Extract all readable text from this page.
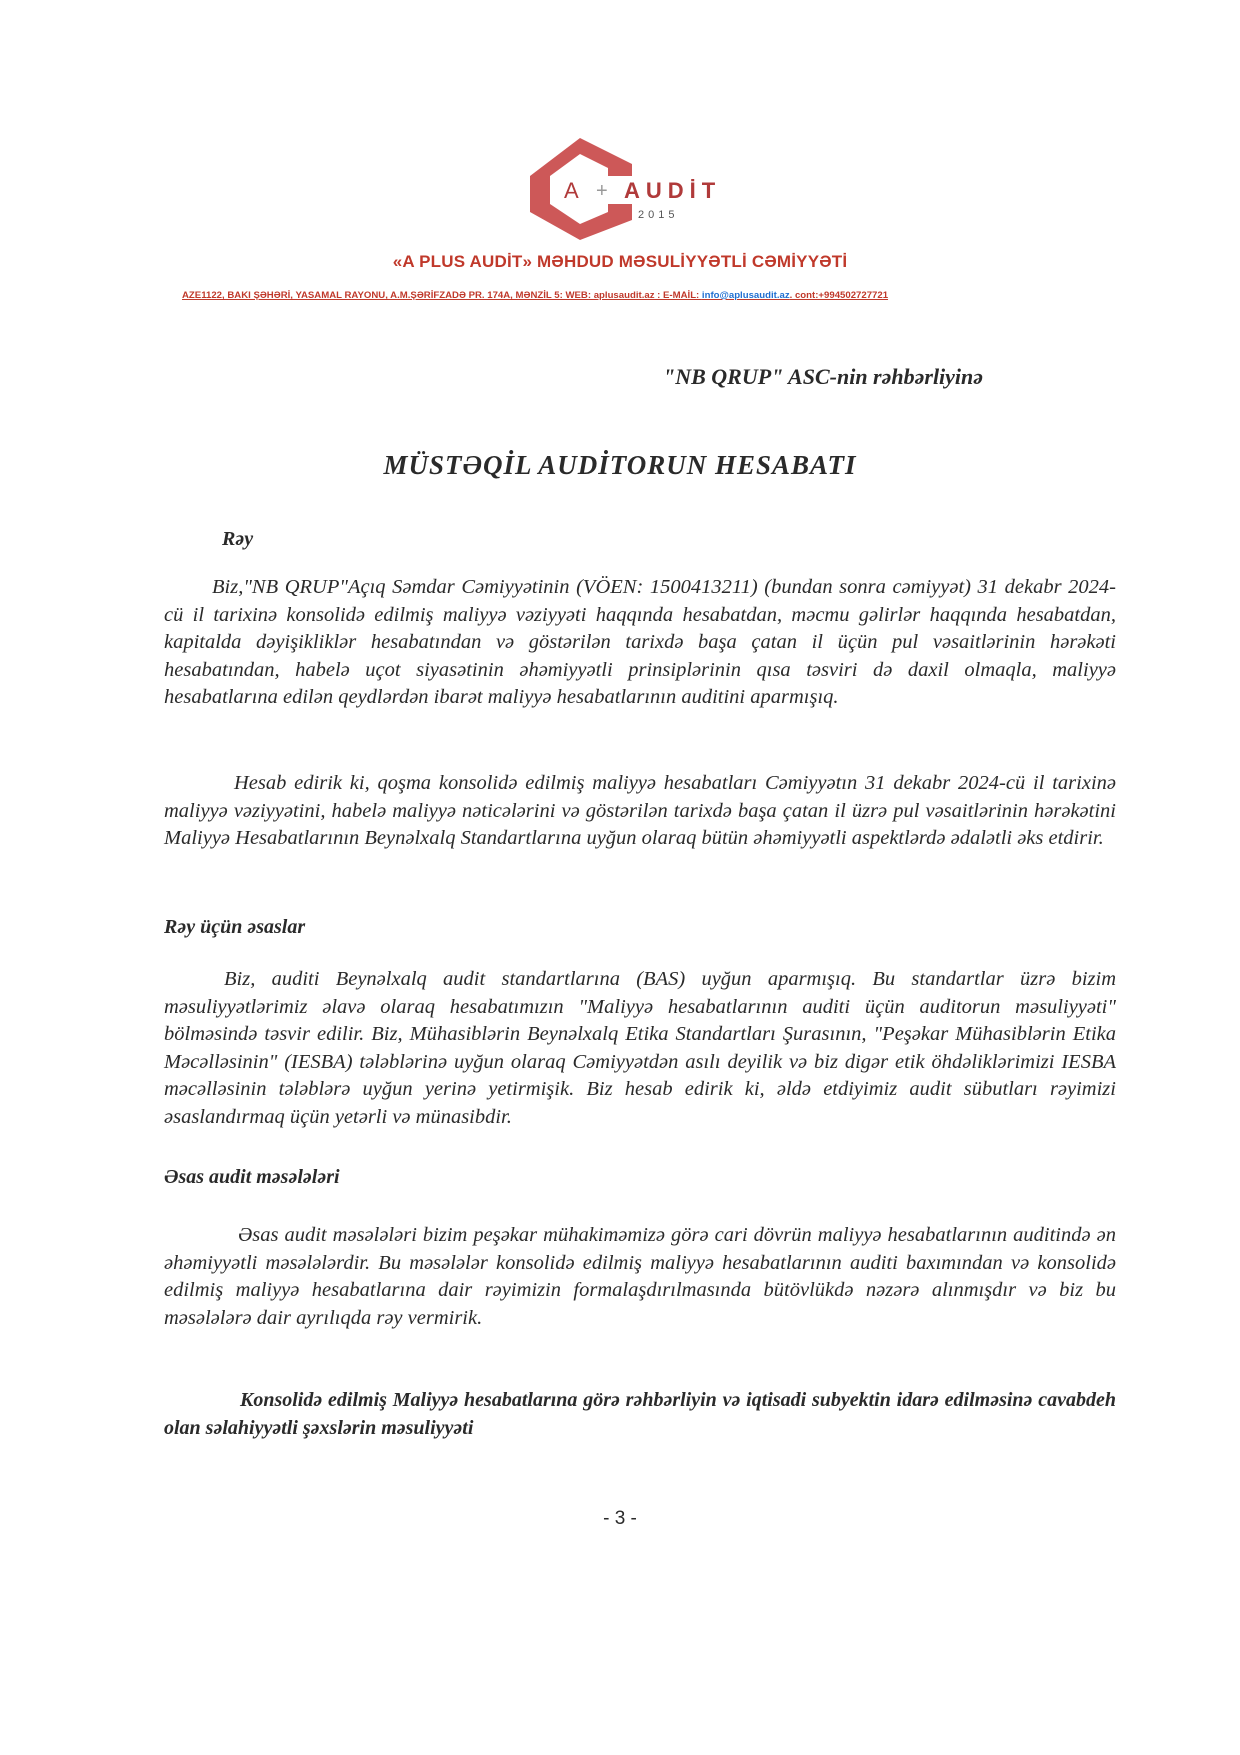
A + AUDİT
2015
«A PLUS AUDİT» MƏHDUD MƏSULİYYƏTLİ CƏMİYYƏTİ
AZE1122, BAKI ŞƏHƏRİ, YASAMAL RAYONU, A.M.ŞƏRİFZADƏ PR. 174A, MƏNZİL 5: WEB: aplusaudit.az : E-MAİL: info@aplusaudit.az. cont:+994502727721
"NB QRUP" ASC-nin rəhbərliyinə
MÜSTƏQİL AUDİTORUN HESABATI
Rəy
Biz,"NB QRUP"Açıq Səmdar Cəmiyyətinin (VÖEN: 1500413211) (bundan sonra cəmiyyət) 31 dekabr 2024-cü il tarixinə konsolidə edilmiş maliyyə vəziyyəti haqqında hesabatdan, məcmu gəlirlər haqqında hesabatdan, kapitalda dəyişikliklər hesabatından və göstərilən tarixdə başa çatan il üçün pul vəsaitlərinin hərəkəti hesabatından, habelə uçot siyasətinin əhəmiyyətli prinsiplərinin qısa təsviri də daxil olmaqla, maliyyə hesabatlarına edilən qeydlərdən ibarət maliyyə hesabatlarının auditini aparmışıq.
Hesab edirik ki, qoşma konsolidə edilmiş maliyyə hesabatları Cəmiyyətın 31 dekabr 2024-cü il tarixinə maliyyə vəziyyətini, habelə maliyyə nəticələrini və göstərilən tarixdə başa çatan il üzrə pul vəsaitlərinin hərəkətini Maliyyə Hesabatlarının Beynəlxalq Standartlarına uyğun olaraq bütün əhəmiyyətli aspektlərdə ədalətli əks etdirir.
Rəy üçün əsaslar
Biz, auditi Beynəlxalq audit standartlarına (BAS) uyğun aparmışıq. Bu standartlar üzrə bizim məsuliyyətlərimiz əlavə olaraq hesabatımızın "Maliyyə hesabatlarının auditi üçün auditorun məsuliyyəti" bölməsində təsvir edilir. Biz, Mühasiblərin Beynəlxalq Etika Standartları Şurasının, "Peşəkar Mühasiblərin Etika Məcəlləsinin" (IESBA) tələblərinə uyğun olaraq Cəmiyyətdən asılı deyilik və biz digər etik öhdəliklərimizi IESBA məcəlləsinin tələblərə uyğun yerinə yetirmişik. Biz hesab edirik ki, əldə etdiyimiz audit sübutları rəyimizi əsaslandırmaq üçün yetərli və münasibdir.
Əsas audit məsələləri
Əsas audit məsələləri bizim peşəkar mühakiməmizə görə cari dövrün maliyyə hesabatlarının auditində ən əhəmiyyətli məsələlərdir. Bu məsələlər konsolidə edilmiş maliyyə hesabatlarının auditi baxımından və konsolidə edilmiş maliyyə hesabatlarına dair rəyimizin formalaşdırılmasında bütövlükdə nəzərə alınmışdır və biz bu məsələlərə dair ayrılıqda rəy vermirik.
Konsolidə edilmiş Maliyyə hesabatlarına görə rəhbərliyin və iqtisadi subyektin idarə edilməsinə cavabdeh olan səlahiyyətli şəxslərin məsuliyyəti
- 3 -
